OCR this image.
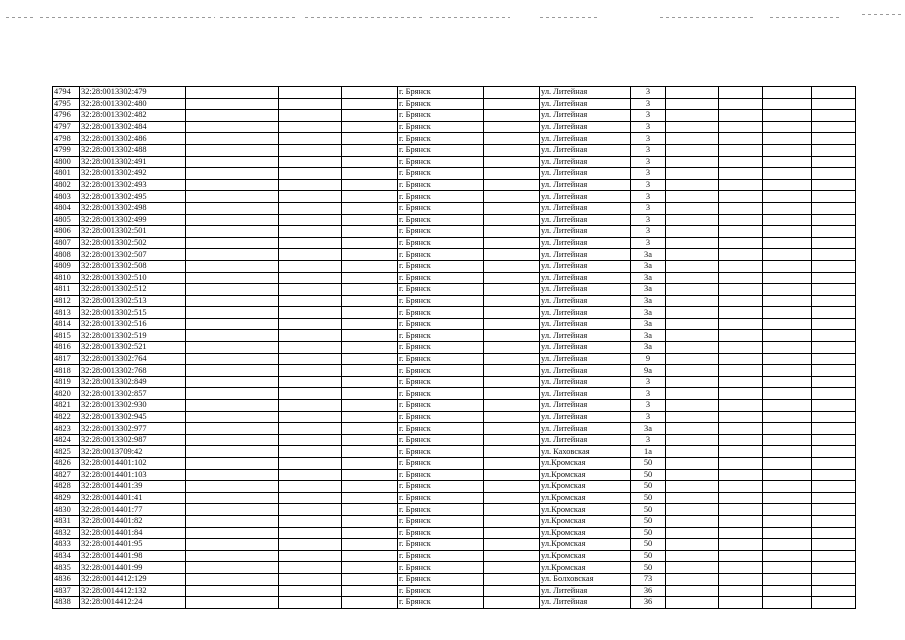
4794	32:28:0013302:479				г. Брянск		ул. Литейная	3				
4795	32:28:0013302:480				г. Брянск		ул. Литейная	3				
4796	32:28:0013302:482				г. Брянск		ул. Литейная	3				
4797	32:28:0013302:484				г. Брянск		ул. Литейная	3				
4798	32:28:0013302:486				г. Брянск		ул. Литейная	3				
4799	32:28:0013302:488				г. Брянск		ул. Литейная	3				
4800	32:28:0013302:491				г. Брянск		ул. Литейная	3				
4801	32:28:0013302:492				г. Брянск		ул. Литейная	3				
4802	32:28:0013302:493				г. Брянск		ул. Литейная	3				
4803	32:28:0013302:495				г. Брянск		ул. Литейная	3				
4804	32:28:0013302:498				г. Брянск		ул. Литейная	3				
4805	32:28:0013302:499				г. Брянск		ул. Литейная	3				
4806	32:28:0013302:501				г. Брянск		ул. Литейная	3				
4807	32:28:0013302:502				г. Брянск		ул. Литейная	3				
4808	32:28:0013302:507				г. Брянск		ул. Литейная	3а				
4809	32:28:0013302:508				г. Брянск		ул. Литейная	3а				
4810	32:28:0013302:510				г. Брянск		ул. Литейная	3а				
4811	32:28:0013302:512				г. Брянск		ул. Литейная	3а				
4812	32:28:0013302:513				г. Брянск		ул. Литейная	3а				
4813	32:28:0013302:515				г. Брянск		ул. Литейная	3а				
4814	32:28:0013302:516				г. Брянск		ул. Литейная	3а				
4815	32:28:0013302:519				г. Брянск		ул. Литейная	3а				
4816	32:28:0013302:521				г. Брянск		ул. Литейная	3а				
4817	32:28:0013302:764				г. Брянск		ул. Литейная	9				
4818	32:28:0013302:768				г. Брянск		ул. Литейная	9а				
4819	32:28:0013302:849				г. Брянск		ул. Литейная	3				
4820	32:28:0013302:857				г. Брянск		ул. Литейная	3				
4821	32:28:0013302:930				г. Брянск		ул. Литейная	3				
4822	32:28:0013302:945				г. Брянск		ул. Литейная	3				
4823	32:28:0013302:977				г. Брянск		ул. Литейная	3а				
4824	32:28:0013302:987				г. Брянск		ул. Литейная	3				
4825	32:28:0013709:42				г. Брянск		ул. Каховская	1а				
4826	32:28:0014401:102				г. Брянск		ул.Кромская	50				
4827	32:28:0014401:103				г. Брянск		ул.Кромская	50				
4828	32:28:0014401:39				г. Брянск		ул.Кромская	50				
4829	32:28:0014401:41				г. Брянск		ул.Кромская	50				
4830	32:28:0014401:77				г. Брянск		ул.Кромская	50				
4831	32:28:0014401:82				г. Брянск		ул.Кромская	50				
4832	32:28:0014401:84				г. Брянск		ул.Кромская	50				
4833	32:28:0014401:95				г. Брянск		ул.Кромская	50				
4834	32:28:0014401:98				г. Брянск		ул.Кромская	50				
4835	32:28:0014401:99				г. Брянск		ул.Кромская	50				
4836	32:28:0014412:129				г. Брянск		ул. Болховская	73				
4837	32:28:0014412:132				г. Брянск		ул. Литейная	36				
4838	32:28:0014412:24				г. Брянск		ул. Литейная	36				
